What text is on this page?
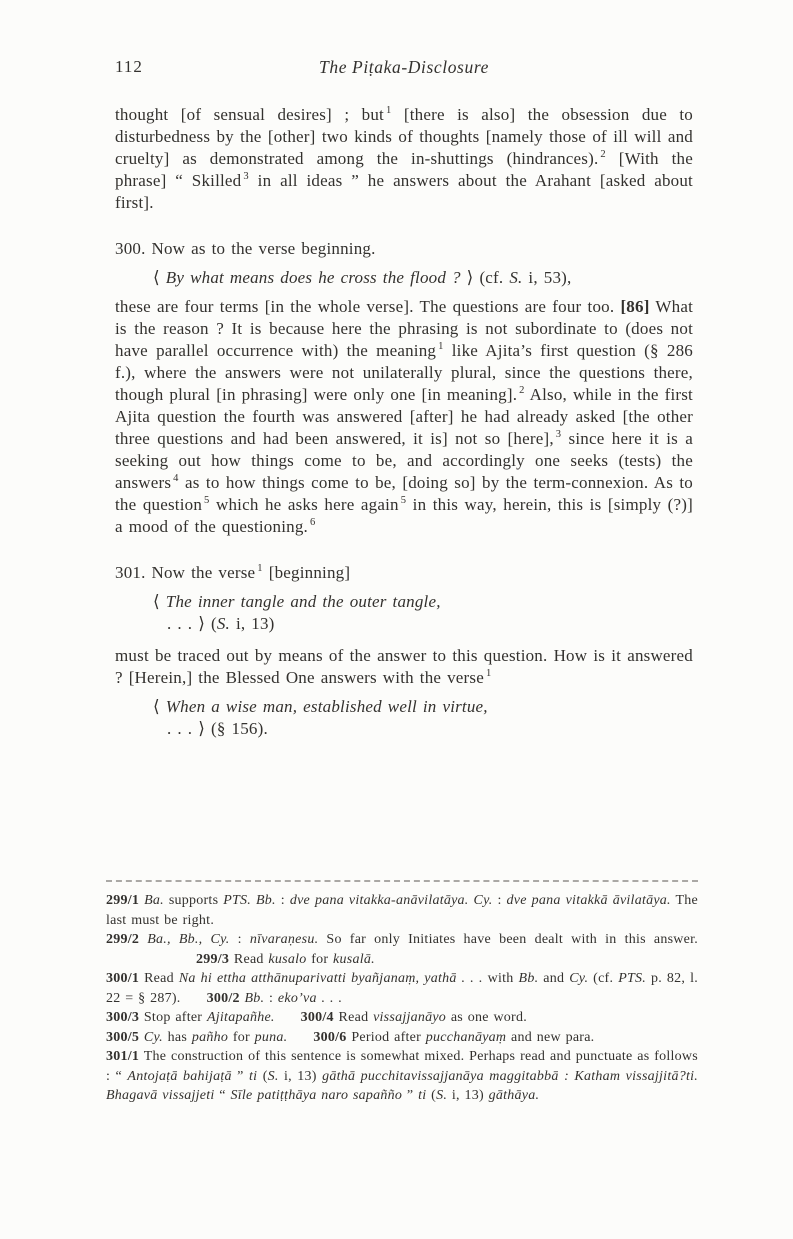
112	The Piṭaka-Disclosure
thought [of sensual desires] ; but $^1$ [there is also] the obsession due to disturbedness by the [other] two kinds of thoughts [namely those of ill will and cruelty] as demonstrated among the in-shuttings (hindrances). $^2$ [With the phrase] “ Skilled $^3$ in all ideas ” he answers about the Arahant [asked about first].
300. Now as to the verse beginning.
⟨ By what means does he cross the flood ? ⟩ (cf. S. i, 53),
these are four terms [in the whole verse]. The questions are four too. [86] What is the reason ? It is because here the phrasing is not subordinate to (does not have parallel occurrence with) the meaning $^1$ like Ajita’s first question (§ 286 f.), where the answers were not unilaterally plural, since the questions there, though plural [in phrasing] were only one [in meaning]. $^2$ Also, while in the first Ajita question the fourth was answered [after] he had already asked [the other three questions and had been answered, it is] not so [here], $^3$ since here it is a seeking out how things come to be, and accordingly one seeks (tests) the answers $^4$ as to how things come to be, [doing so] by the term-connexion. As to the question $^5$ which he asks here again $^5$ in this way, herein, this is [simply (?)] a mood of the questioning. $^6$
301. Now the verse $^1$ [beginning]
⟨ The inner tangle and the outer tangle,
. . . ⟩ (S. i, 13)
must be traced out by means of the answer to this question. How is it answered ? [Herein,] the Blessed One answers with the verse $^1$
⟨ When a wise man, established well in virtue,
. . . ⟩ (§ 156).
299/1 Ba. supports PTS. Bb. : dve pana vitakka-anāvilatāya. Cy. : dve pana vitakkā āvilatāya. The last must be right.
299/2 Ba., Bb., Cy. : nīvaraṇesu. So far only Initiates have been dealt with in this answer.299/3 Read kusalo for kusalā.
300/1 Read Na hi ettha atthānuparivatti byañjanaṃ, yathā . . . with Bb. and Cy. (cf. PTS. p. 82, l. 22 = § 287). 300/2 Bb. : eko’va . . .
300/3 Stop after Ajitapañhe. 300/4 Read vissajjanāyo as one word.
300/5 Cy. has pañho for puna. 300/6 Period after pucchanāyaṃ and new para.
301/1 The construction of this sentence is somewhat mixed. Perhaps read and punctuate as follows : “ Antojaṭā bahijaṭā ” ti (S. i, 13) gāthā pucchitavissajjanāya maggitabbā : Katham vissajjitā?ti. Bhagavā vissajjeti “ Sīle patiṭṭhāya naro sapañño ” ti (S. i, 13) gāthāya.
